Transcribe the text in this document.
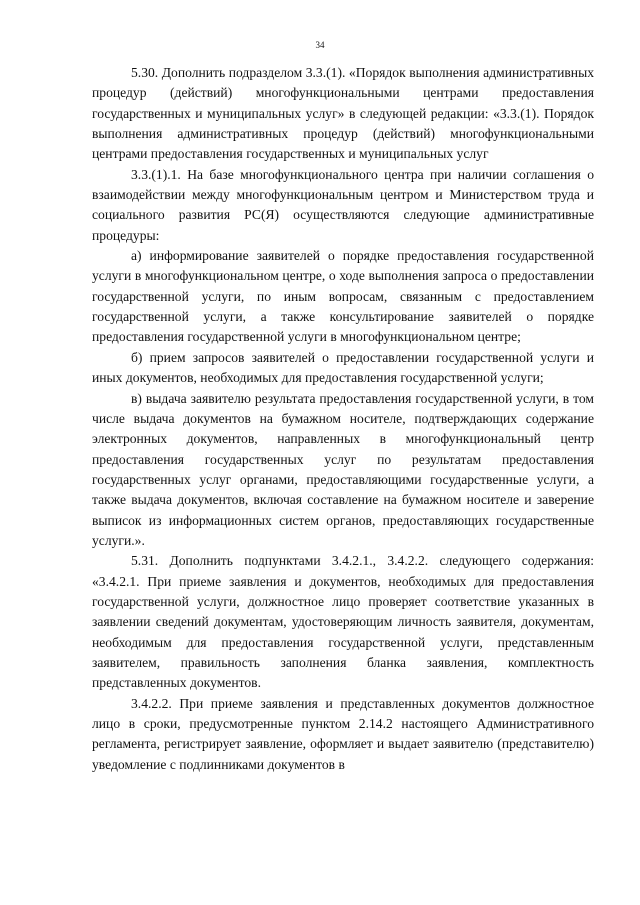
34

5.30. Дополнить подразделом 3.3.(1). «Порядок выполнения административных процедур (действий) многофункциональными центрами предоставления государственных и муниципальных услуг» в следующей редакции: «3.3.(1). Порядок выполнения административных процедур (действий) многофункциональными центрами предоставления государственных и муниципальных услуг

3.3.(1).1. На базе многофункционального центра при наличии соглашения о взаимодействии между многофункциональным центром и Министерством труда и социального развития РС(Я) осуществляются следующие административные процедуры:

а) информирование заявителей о порядке предоставления государственной услуги в многофункциональном центре, о ходе выполнения запроса о предоставлении государственной услуги, по иным вопросам, связанным с предоставлением государственной услуги, а также консультирование заявителей о порядке предоставления государственной услуги в многофункциональном центре;

б) прием запросов заявителей о предоставлении государственной услуги и иных документов, необходимых для предоставления государственной услуги;

в) выдача заявителю результата предоставления государственной услуги, в том числе выдача документов на бумажном носителе, подтверждающих содержание электронных документов, направленных в многофункциональный центр предоставления государственных услуг по результатам предоставления государственных услуг органами, предоставляющими государственные услуги, а также выдача документов, включая составление на бумажном носителе и заверение выписок из информационных систем органов, предоставляющих государственные услуги.».

5.31. Дополнить подпунктами 3.4.2.1., 3.4.2.2. следующего содержания: «3.4.2.1. При приеме заявления и документов, необходимых для предоставления государственной услуги, должностное лицо проверяет соответствие указанных в заявлении сведений документам, удостоверяющим личность заявителя, документам, необходимым для предоставления государственной услуги, представленным заявителем, правильность заполнения бланка заявления, комплектность представленных документов.

3.4.2.2. При приеме заявления и представленных документов должностное лицо в сроки, предусмотренные пунктом 2.14.2 настоящего Административного регламента, регистрирует заявление, оформляет и выдает заявителю (представителю) уведомление с подлинниками документов в
